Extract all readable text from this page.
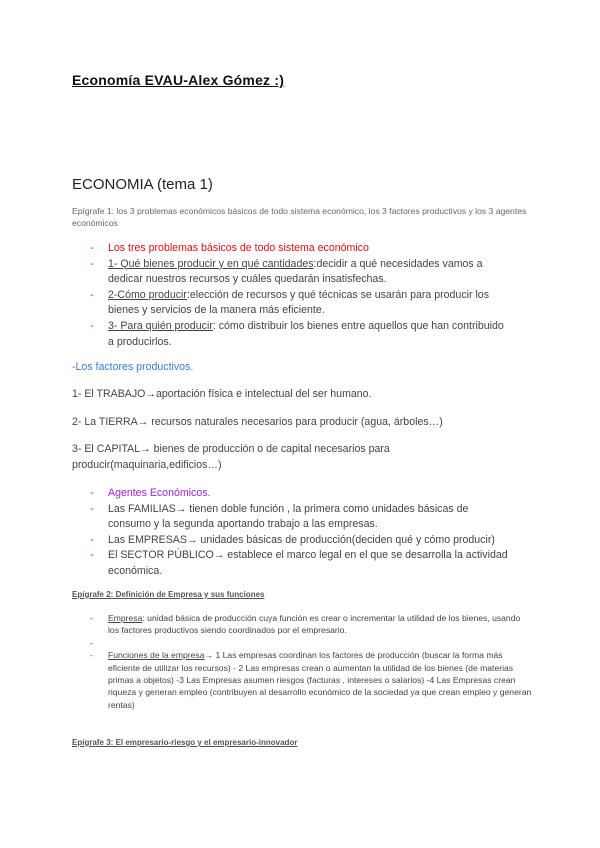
Economía EVAU-Alex Gómez :)

ECONOMIA (tema 1)

Epígrafe 1: los 3 problemas económicos básicos de todo sistema económico, los 3 factores productivos y los 3 agentes económicos

- Los tres problemas básicos de todo sistema económico
- 1- Qué bienes producir y en qué cantidades:decidir a qué necesidades vamos a dedicar nuestros recursos y cuáles quedarán insatisfechas.
- 2-Cómo producir:elección de recursos y qué técnicas se usarán para producir los bienes y servicios de la manera más eficiente.
- 3- Para quién producir: cómo distribuir los bienes entre aquellos que han contribuido a producirlos.

-Los factores productivos.

1- El TRABAJO→aportación física e intelectual del ser humano.

2- La TIERRA→ recursos naturales necesarios para producir (agua, árboles…)

3- El CAPITAL→ bienes de producción o de capital necesarios para producir(maquinaria,edificios…)

- Agentes Económicos.
- Las FAMILIAS→ tienen doble función , la primera como unidades básicas de consumo y la segunda aportando trabajo a las empresas.
- Las EMPRESAS→ unidades básicas de producción(deciden qué y cómo producir)
- El SECTOR PÚBLICO→ establece el marco legal en el que se desarrolla la actividad económica.

Epígrafe 2: Definición de Empresa y sus funciones

- Empresa: unidad básica de producción cuya función es crear o incrementar la utilidad de los bienes, usando los factores productivos siendo coordinados por el empresario.
-
- Funciones de la empresa→ 1 Las empresas coordinan los factores de producción (buscar la forma más eficiente de utilizar los recursos) - 2 Las empresas crean o aumentan la utilidad de los bienes (de materias primas a objetos) -3 Las Empresas asumen riesgos (facturas , intereses o salarios) -4 Las Empresas crean riqueza y generan empleo (contribuyen al desarrollo económico de la sociedad ya que crean empleo y generan rentas)

Epígrafe 3: El empresario-riesgo y el empresario-innovador
